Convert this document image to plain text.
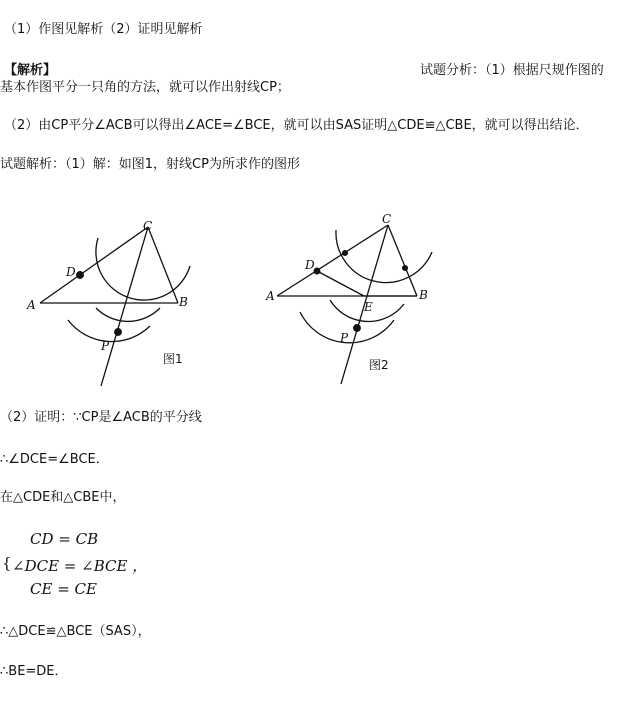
（1）作图见解析（2）证明见解析
【解析】	试题分析：（1）根据尺规作图的
基本作图平分一只角的方法，就可以作出射线CP；
（2）由CP平分∠ACB可以得出∠ACE=∠BCE，就可以由SAS证明△CDE≌△CBE，就可以得出结论．
试题解析：（1）解：如图1，射线CP为所求作的图形
A	B
C
D
P
图1
A	B
C
D
E
P
图2
（2）证明：∵CP是∠ACB的平分线
∴∠DCE=∠BCE．
在△CDE和△CBE中，
{
CD = CB
∠DCE = ∠BCE ，
CE = CE
∴△DCE≌△BCE（SAS），
∴BE=DE．
